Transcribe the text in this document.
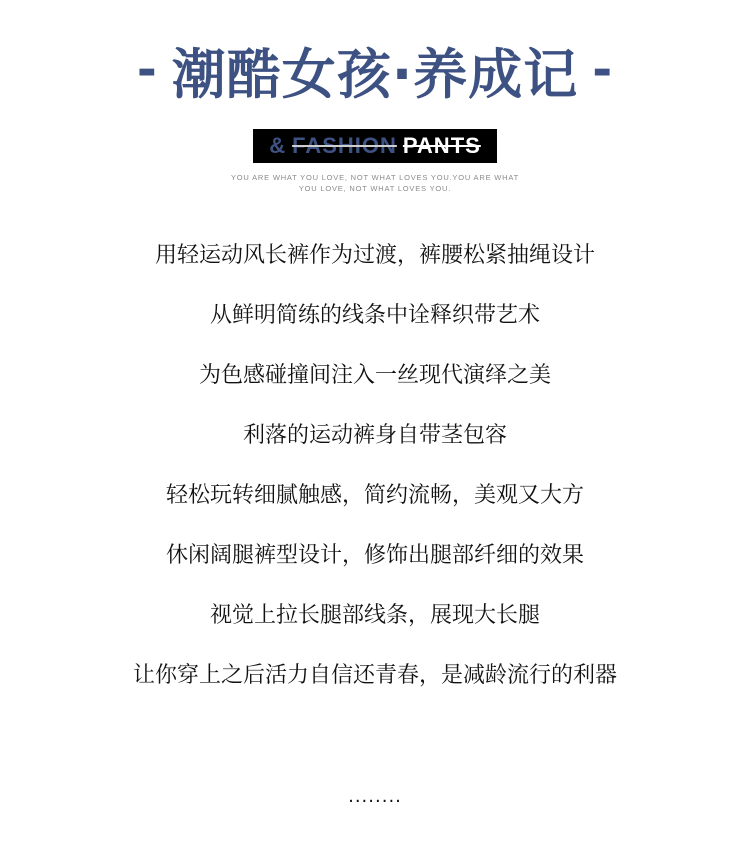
- 潮酷女孩·养成记 -
& FASHION PANTS
YOU ARE WHAT YOU LOVE, NOT WHAT LOVES YOU.YOU ARE WHAT
YOU LOVE, NOT WHAT LOVES YOU.
用轻运动风长裤作为过渡，裤腰松紧抽绳设计
从鲜明简练的线条中诠释织带艺术
为色感碰撞间注入一丝现代演绎之美
利落的运动裤身自带茎包容
轻松玩转细腻触感，简约流畅，美观又大方
休闲阔腿裤型设计，修饰出腿部纤细的效果
视觉上拉长腿部线条，展现大长腿
让你穿上之后活力自信还青春，是减龄流行的利器
........
